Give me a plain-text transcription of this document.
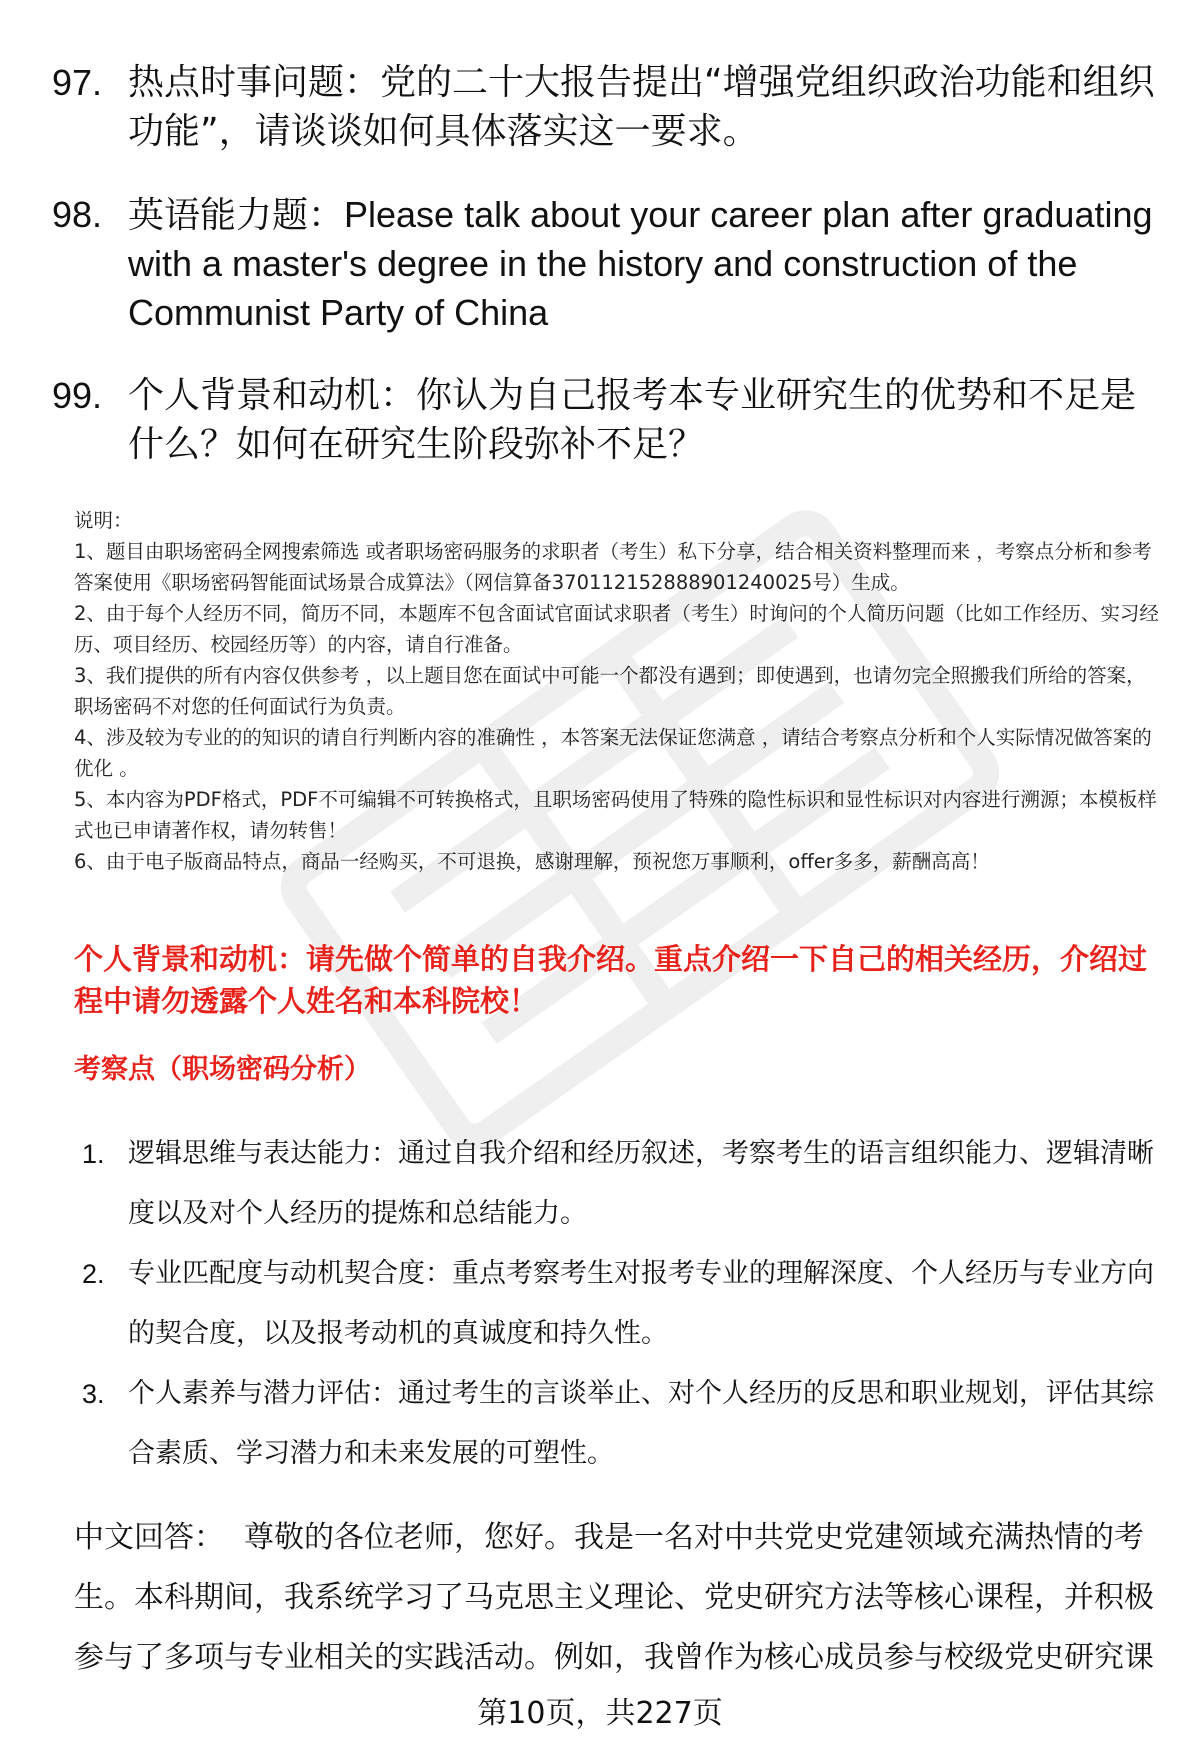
97. 热点时事问题：党的二十大报告提出“增强党组织政治功能和组织功能”，请谈谈如何具体落实这一要求。
98. 英语能力题：Please talk about your career plan after graduating with a master's degree in the history and construction of the Communist Party of China
99. 个人背景和动机：你认为自己报考本专业研究生的优势和不足是什么？如何在研究生阶段弥补不足？

说明：

1、题目由职场密码全网搜索筛选 或者职场密码服务的求职者（考生）私下分享，结合相关资料整理而来 ，考察点分析和参考答案使用《职场密码智能面试场景合成算法》（网信算备370112152888901240025号）生成。

2、由于每个人经历不同，简历不同，本题库不包含面试官面试求职者（考生）时询问的个人简历问题（比如工作经历、实习经历、项目经历、校园经历等）的内容，请自行准备。

3、我们提供的所有内容仅供参考 ，以上题目您在面试中可能一个都没有遇到；即使遇到，也请勿完全照搬我们所给的答案，职场密码不对您的任何面试行为负责。

4、涉及较为专业的的知识的请自行判断内容的准确性 ，本答案无法保证您满意 ，请结合考察点分析和个人实际情况做答案的优化 。

5、本内容为PDF格式，PDF不可编辑不可转换格式，且职场密码使用了特殊的隐性标识和显性标识对内容进行溯源；本模板样式也已申请著作权，请勿转售！

6、由于电子版商品特点，商品一经购买，不可退换，感谢理解，预祝您万事顺利，offer多多，薪酬高高！

个人背景和动机：请先做个简单的自我介绍。重点介绍一下自己的相关经历，介绍过程中请勿透露个人姓名和本科院校！
考察点（职场密码分析）
1. 逻辑思维与表达能力：通过自我介绍和经历叙述，考察考生的语言组织能力、逻辑清晰度以及对个人经历的提炼和总结能力。
2. 专业匹配度与动机契合度：重点考察考生对报考专业的理解深度、个人经历与专业方向的契合度，以及报考动机的真诚度和持久性。
3. 个人素养与潜力评估：通过考生的言谈举止、对个人经历的反思和职业规划，评估其综合素质、学习潜力和未来发展的可塑性。
中文回答： 尊敬的各位老师，您好。我是一名对中共党史党建领域充满热情的考生。本科期间，我系统学习了马克思主义理论、党史研究方法等核心课程，并积极参与了多项与专业相关的实践活动。例如，我曾作为核心成员参与校级党史研究课
第10页，共227页
